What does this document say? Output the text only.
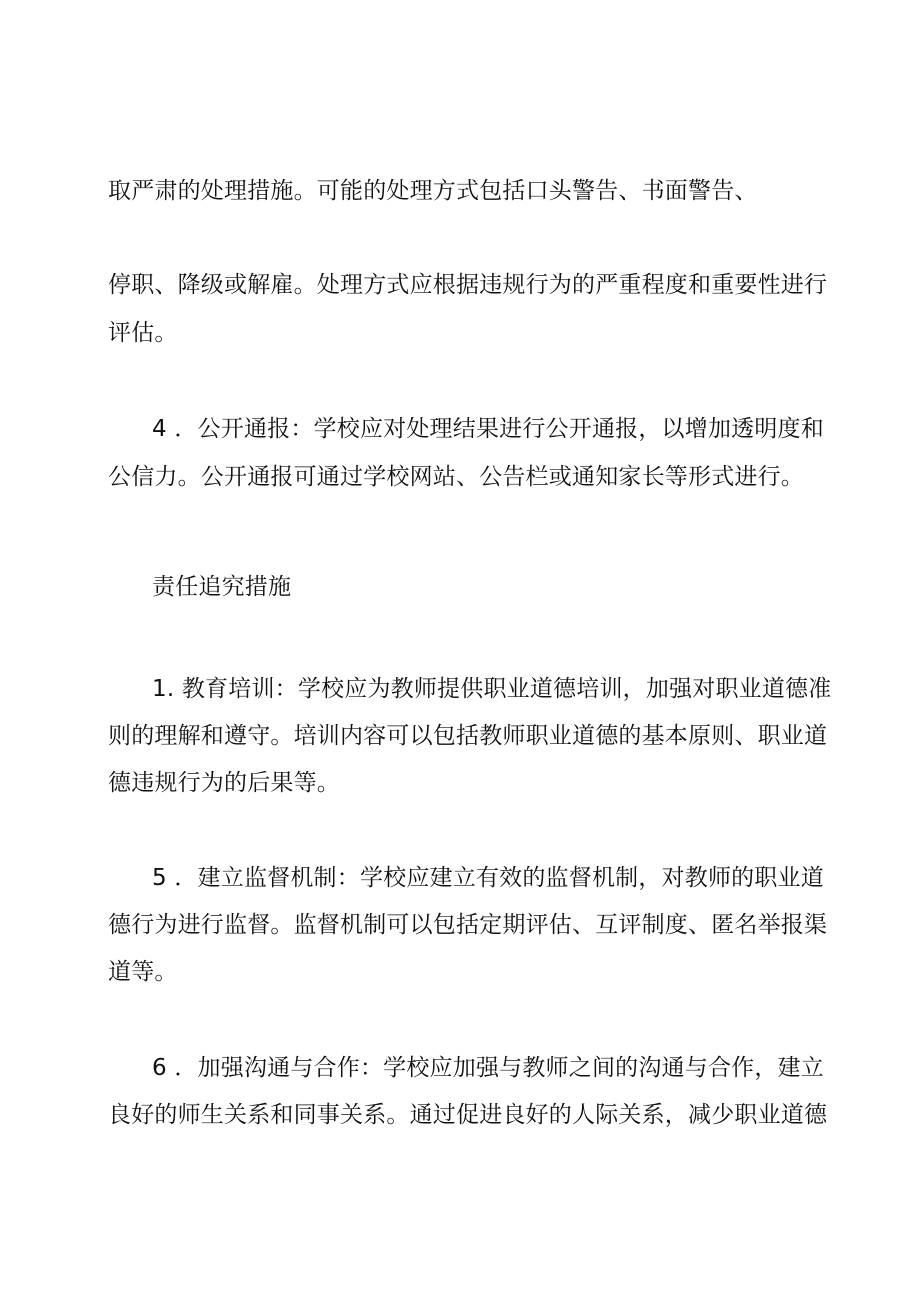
取严肃的处理措施。可能的处理方式包括口头警告、书面警告、
停职、降级或解雇。处理方式应根据违规行为的严重程度和重要性进行
评估。
4 ．公开通报：学校应对处理结果进行公开通报，以增加透明度和
公信力。公开通报可通过学校网站、公告栏或通知家长等形式进行。
责任追究措施
1. 教育培训：学校应为教师提供职业道德培训，加强对职业道德准
则的理解和遵守。培训内容可以包括教师职业道德的基本原则、职业道
德违规行为的后果等。
5 ．建立监督机制：学校应建立有效的监督机制，对教师的职业道
德行为进行监督。监督机制可以包括定期评估、互评制度、匿名举报渠
道等。
6 ．加强沟通与合作：学校应加强与教师之间的沟通与合作，建立
良好的师生关系和同事关系。通过促进良好的人际关系，减少职业道德
